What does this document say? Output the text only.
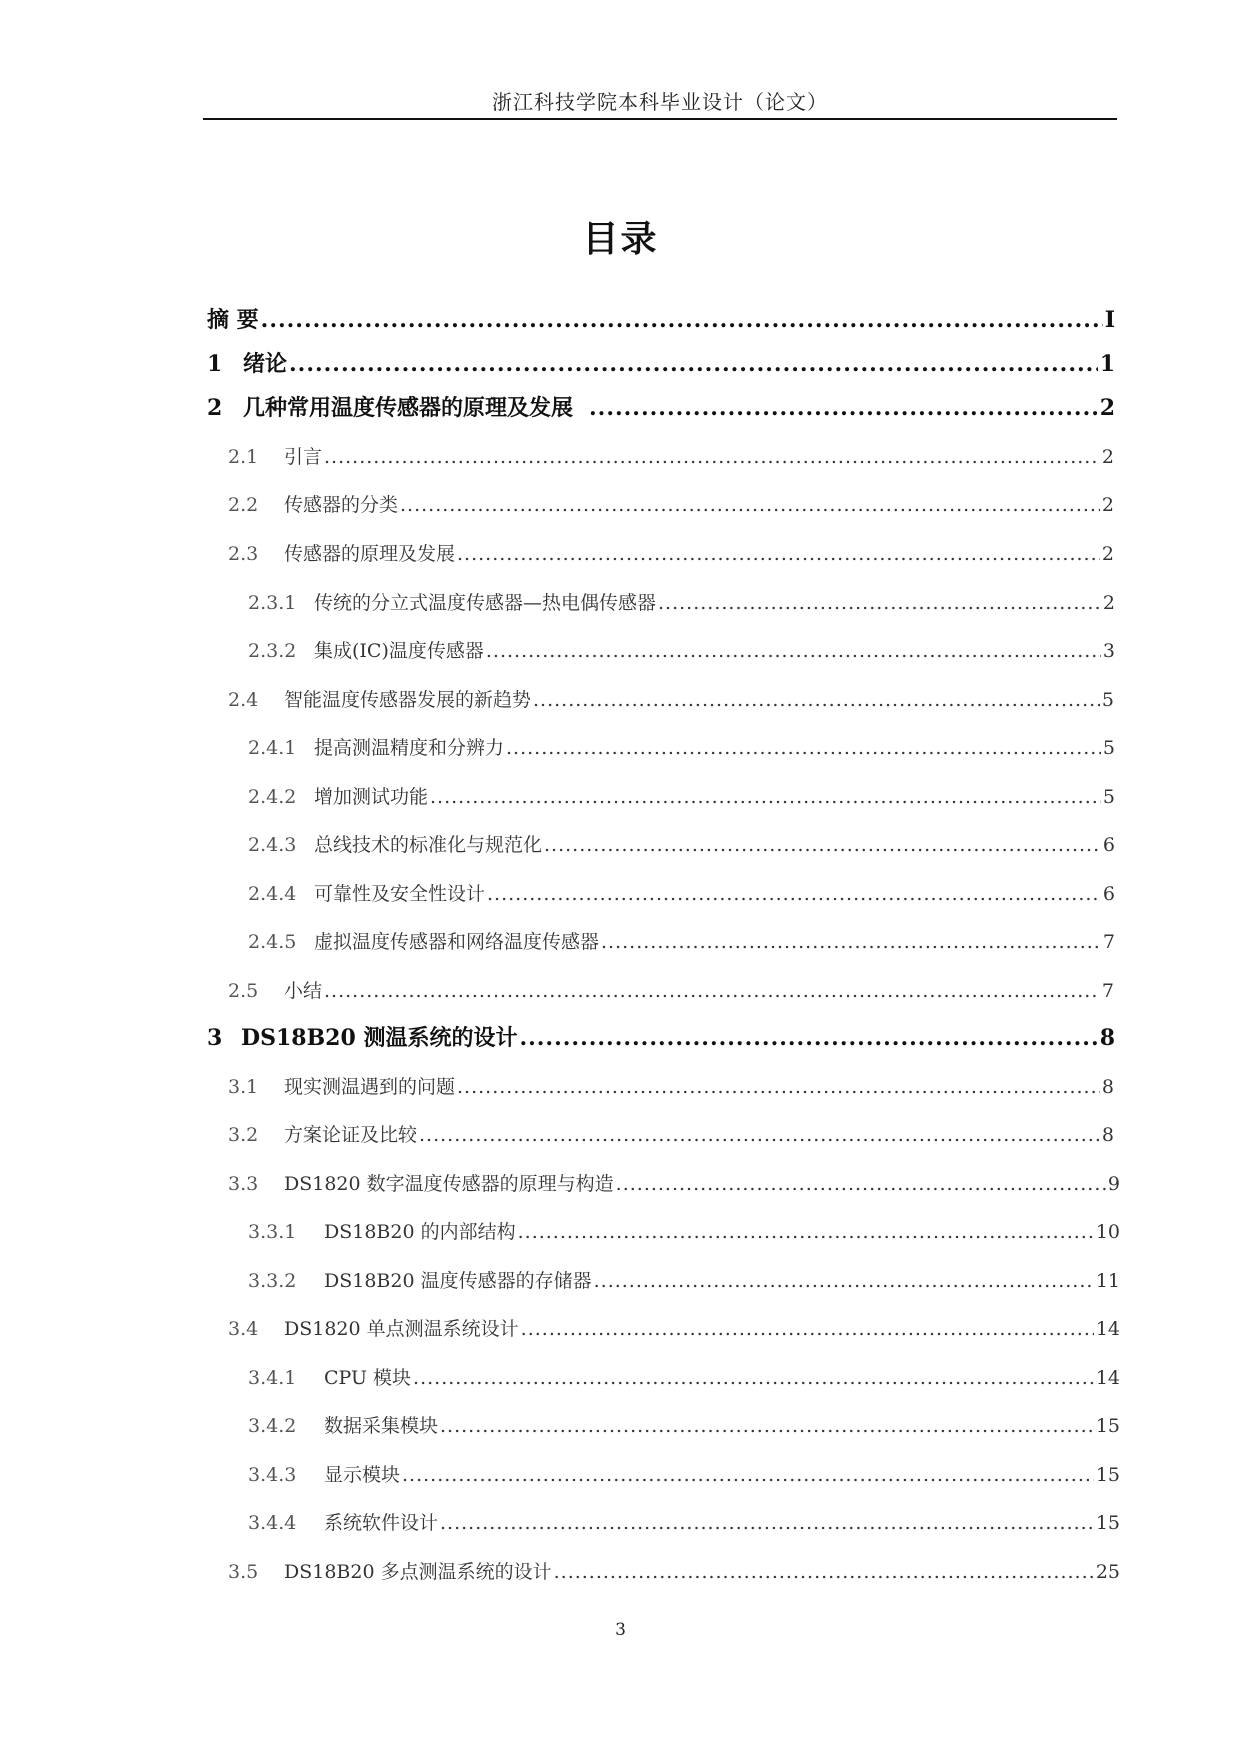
浙江科技学院本科毕业设计（论文）
目录
摘 要 .....	I
1 绪论 .....	1
2 几种常用温度传感器的原理及发展 .....	2
2.1	引言 .....	2
2.2	传感器的分类 .....	2
2.3	传感器的原理及发展 .....	2
2.3.1 传统的分立式温度传感器—热电偶传感器 .....	2
2.3.2 集成(IC)温度传感器 .....	3
2.4	智能温度传感器发展的新趋势 .....	5
2.4.1 提高测温精度和分辨力 .....	5
2.4.2 增加测试功能 .....	5
2.4.3 总线技术的标准化与规范化 .....	6
2.4.4 可靠性及安全性设计 .....	6
2.4.5 虚拟温度传感器和网络温度传感器 .....	7
2.5	小结 .....	7
3 DS18B20 测温系统的设计 .....	8
3.1	现实测温遇到的问题 .....	8
3.2	方案论证及比较 .....	8
3.3	DS1820 数字温度传感器的原理与构造 .....	9
3.3.1	DS18B20 的内部结构 .....	10
3.3.2	DS18B20 温度传感器的存储器 .....	11
3.4	DS1820 单点测温系统设计 .....	14
3.4.1	CPU 模块 .....	14
3.4.2	数据采集模块 .....	15
3.4.3	显示模块 .....	15
3.4.4	系统软件设计 .....	15
3.5	DS18B20 多点测温系统的设计 .....	25
3
